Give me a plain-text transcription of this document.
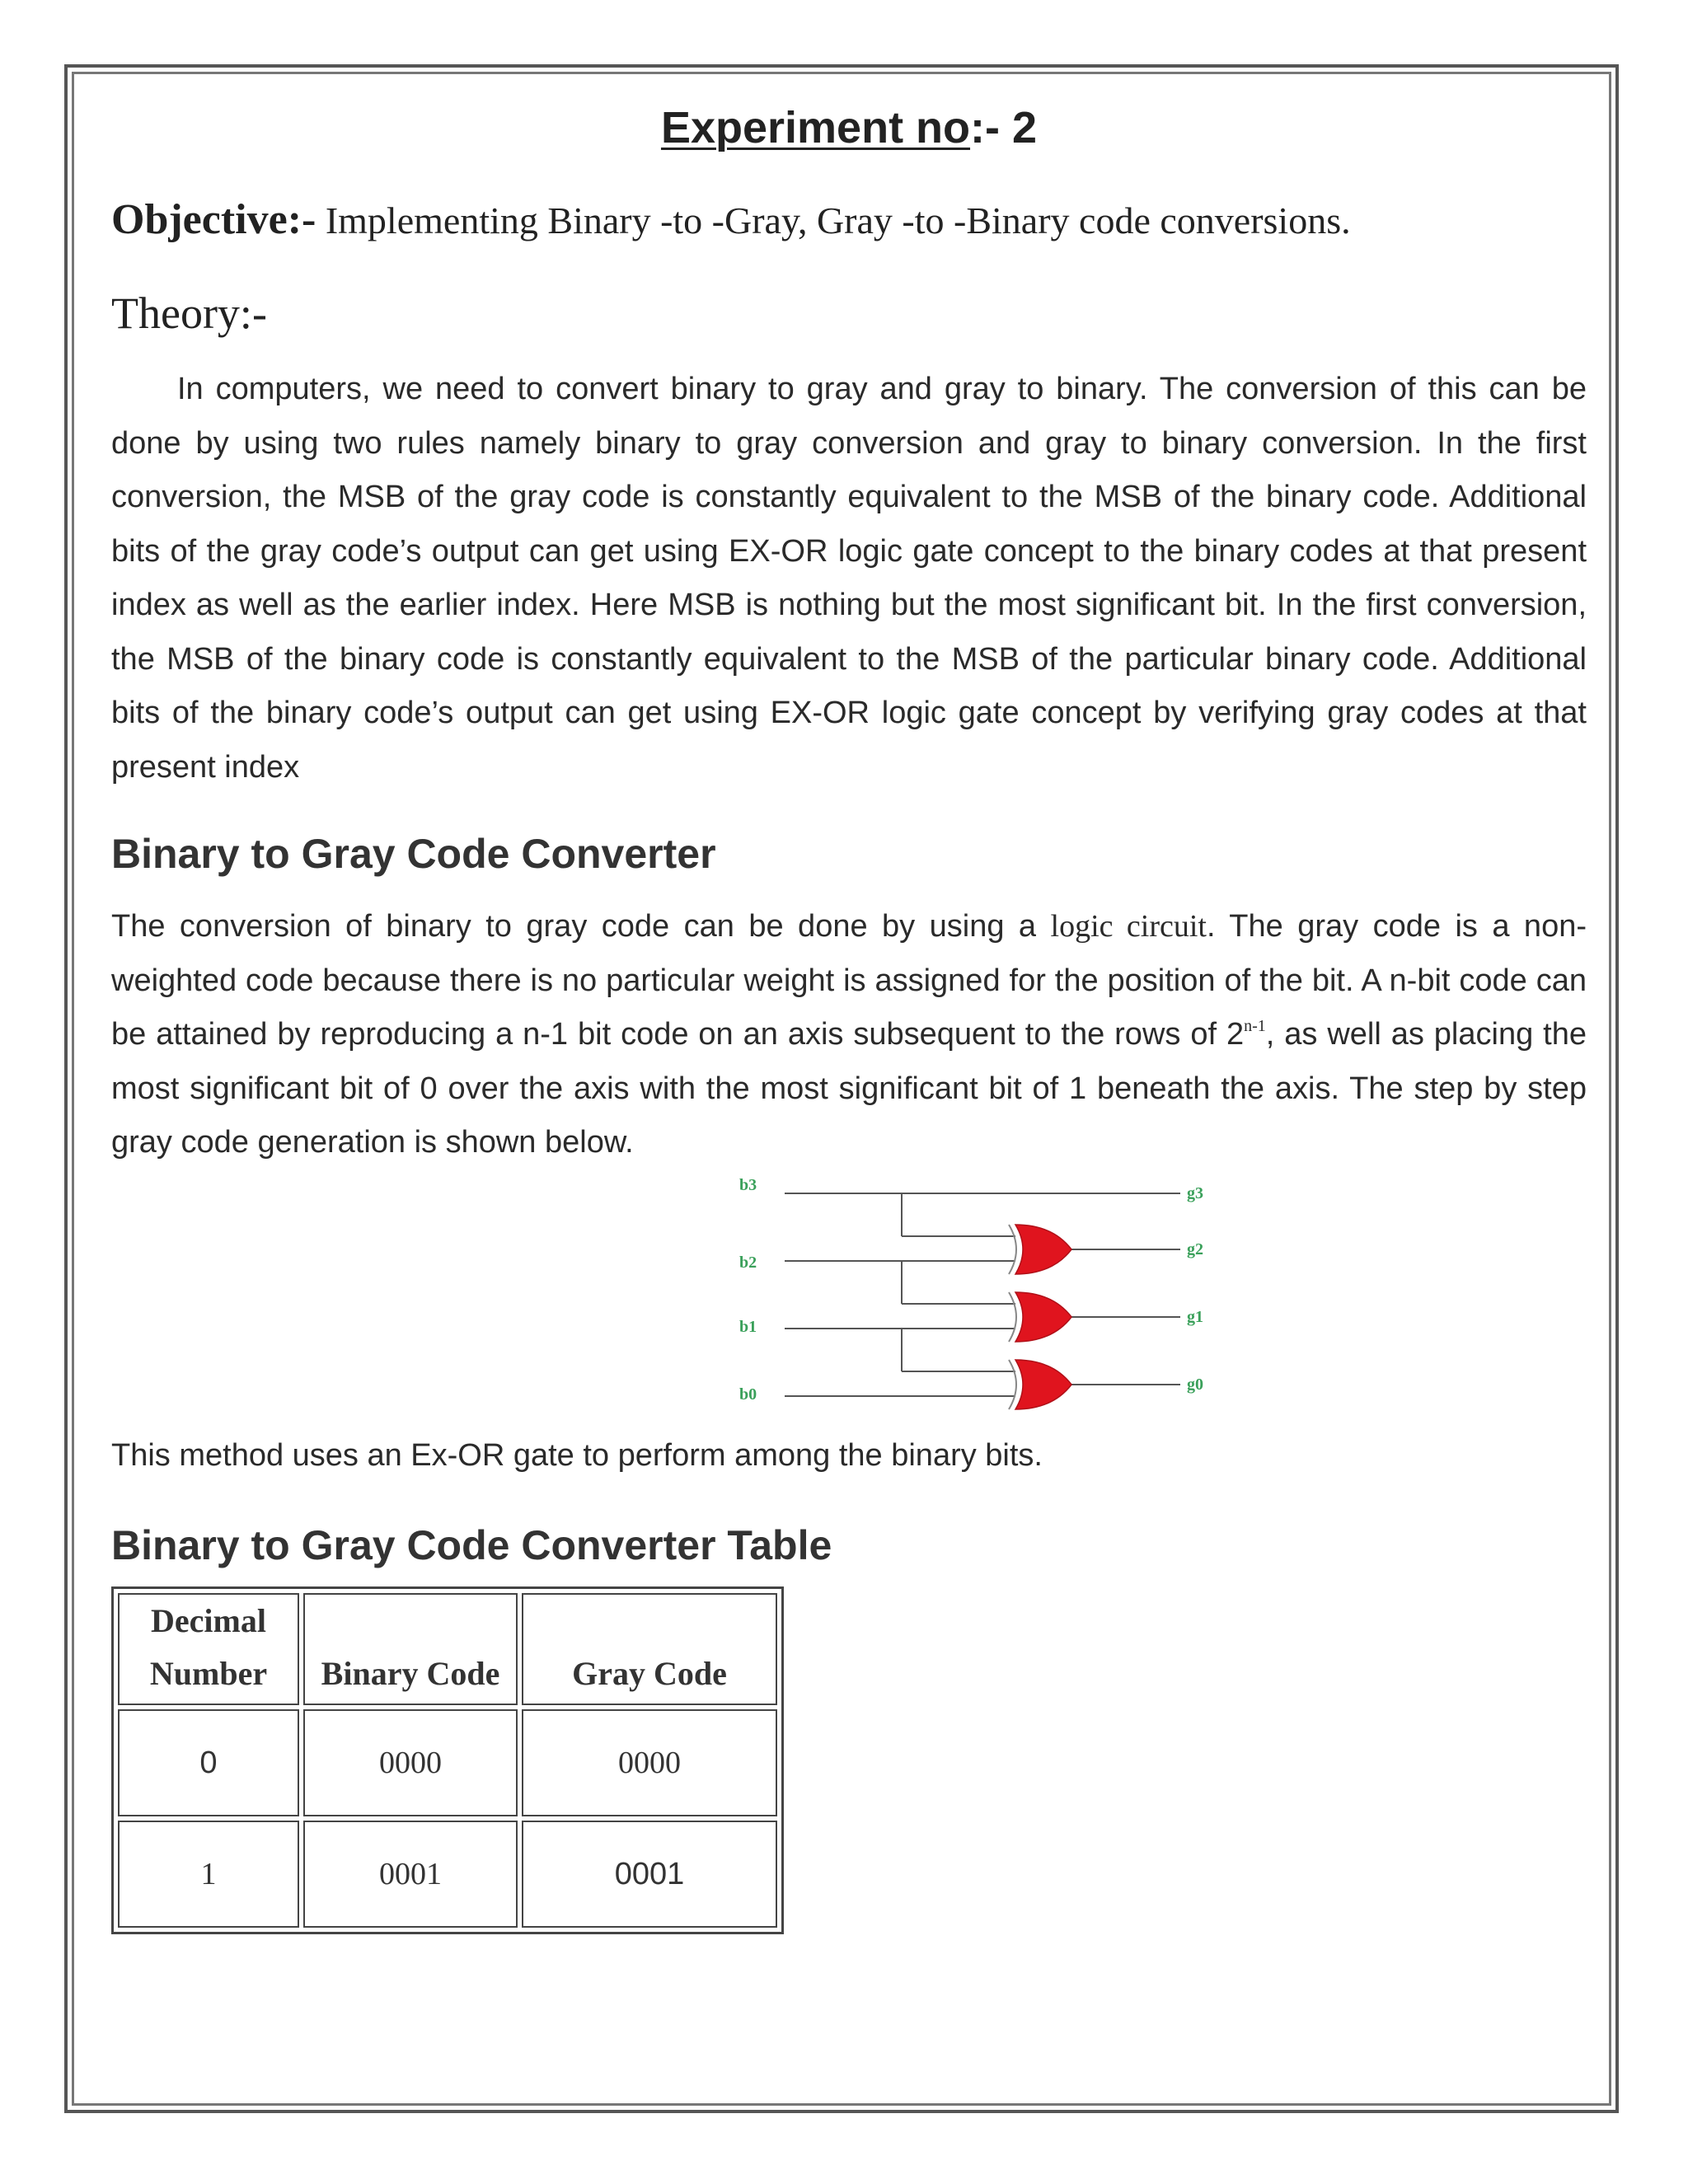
Experiment no:- 2
Objective:- Implementing Binary -to -Gray, Gray -to -Binary code conversions.
Theory:-

In computers, we need to convert binary to gray and gray to binary. The conversion of this can be done by using two rules namely binary to gray conversion and gray to binary conversion. In the first conversion, the MSB of the gray code is constantly equivalent to the MSB of the binary code. Additional bits of the gray code’s output can get using EX-OR logic gate concept to the binary codes at that present index as well as the earlier index. Here MSB is nothing but the most significant bit. In the first conversion, the MSB of the binary code is constantly equivalent to the MSB of the particular binary code. Additional bits of the binary code’s output can get using EX-OR logic gate concept by verifying gray codes at that present index

Binary to Gray Code Converter

The conversion of binary to gray code can be done by using a logic circuit. The gray code is a non-weighted code because there is no particular weight is assigned for the position of the bit. A n-bit code can be attained by reproducing a n-1 bit code on an axis subsequent to the rows of 2$^{n-1}$, as well as placing the most significant bit of 0 over the axis with the most significant bit of 1 beneath the axis. The step by step gray code generation is shown below.

b3
b2
b1
b0
g3
g2
g1
g0

This method uses an Ex-OR gate to perform among the binary bits.

Binary to Gray Code Converter Table
Decimal
Number	Binary Code	Gray Code
0	0000	0000
1	0001	0001
